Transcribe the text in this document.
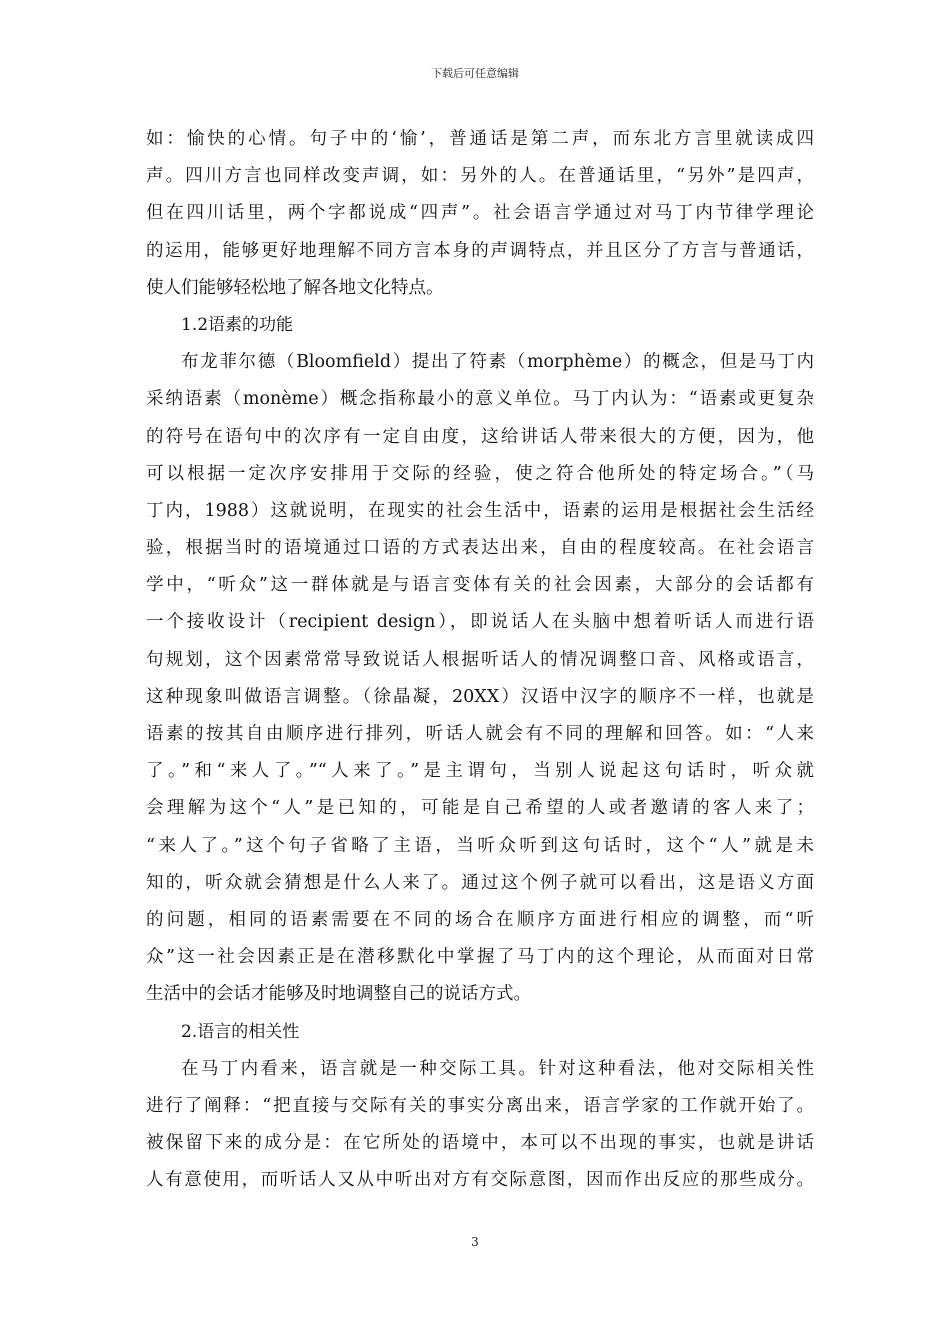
下载后可任意编辑
如：愉快的心情。句子中的‘愉’，普通话是第二声，而东北方言里就读成四
声。四川方言也同样改变声调，如：另外的人。在普通话里，“另外”是四声，
但在四川话里，两个字都说成“四声”。社会语言学通过对马丁内节律学理论
的运用，能够更好地理解不同方言本身的声调特点，并且区分了方言与普通话，
使人们能够轻松地了解各地文化特点。
1.2语素的功能
布龙菲尔德（Bloomfield）提出了符素（morphème）的概念，但是马丁内
采纳语素（monème）概念指称最小的意义单位。马丁内认为：“语素或更复杂
的符号在语句中的次序有一定自由度，这给讲话人带来很大的方便，因为，他
可以根据一定次序安排用于交际的经验，使之符合他所处的特定场合。”（马
丁内，1988）这就说明，在现实的社会生活中，语素的运用是根据社会生活经
验，根据当时的语境通过口语的方式表达出来，自由的程度较高。在社会语言
学中，“听众”这一群体就是与语言变体有关的社会因素，大部分的会话都有
一个接收设计（recipient design），即说话人在头脑中想着听话人而进行语
句规划，这个因素常常导致说话人根据听话人的情况调整口音、风格或语言，
这种现象叫做语言调整。（徐晶凝，20XX）汉语中汉字的顺序不一样，也就是
语素的按其自由顺序进行排列，听话人就会有不同的理解和回答。如：“人来
了。”和“来人了。”“人来了。”是主谓句，当别人说起这句话时，听众就
会理解为这个“人”是已知的，可能是自己希望的人或者邀请的客人来了；
“来人了。”这个句子省略了主语，当听众听到这句话时，这个“人”就是未
知的，听众就会猜想是什么人来了。通过这个例子就可以看出，这是语义方面
的问题，相同的语素需要在不同的场合在顺序方面进行相应的调整，而“听
众”这一社会因素正是在潜移默化中掌握了马丁内的这个理论，从而面对日常
生活中的会话才能够及时地调整自己的说话方式。
2.语言的相关性
在马丁内看来，语言就是一种交际工具。针对这种看法，他对交际相关性
进行了阐释：“把直接与交际有关的事实分离出来，语言学家的工作就开始了。
被保留下来的成分是：在它所处的语境中，本可以不出现的事实，也就是讲话
人有意使用，而听话人又从中听出对方有交际意图，因而作出反应的那些成分。
3
